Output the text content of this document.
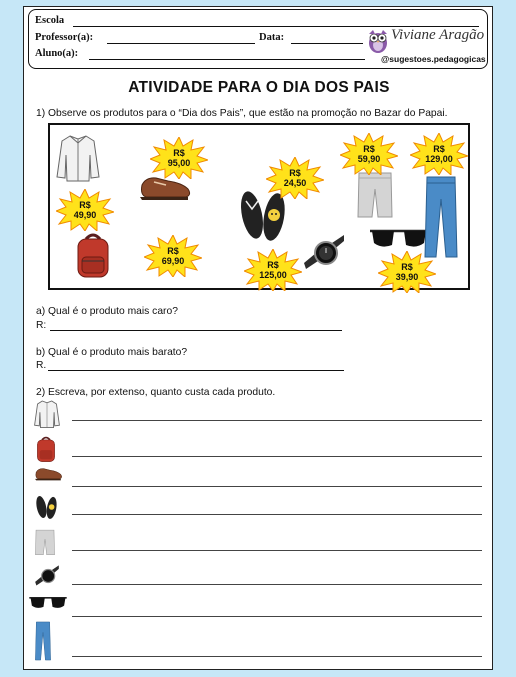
Escola
Professor(a):	Data:
Aluno(a):
Viviane Aragão
@sugestoes.pedagogicas
ATIVIDADE PARA O DIA DOS PAIS
1) Observe os produtos para o “Dia dos Pais”, que estão na promoção no Bazar do Papai.
R$
49,90
R$
95,00
R$
69,90
R$
24,50
R$
125,00
R$
59,90
R$
39,90
R$
129,00
a) Qual é o produto mais caro?
R:
b) Qual é o produto mais barato?
R.
2) Escreva, por extenso, quanto custa cada produto.
